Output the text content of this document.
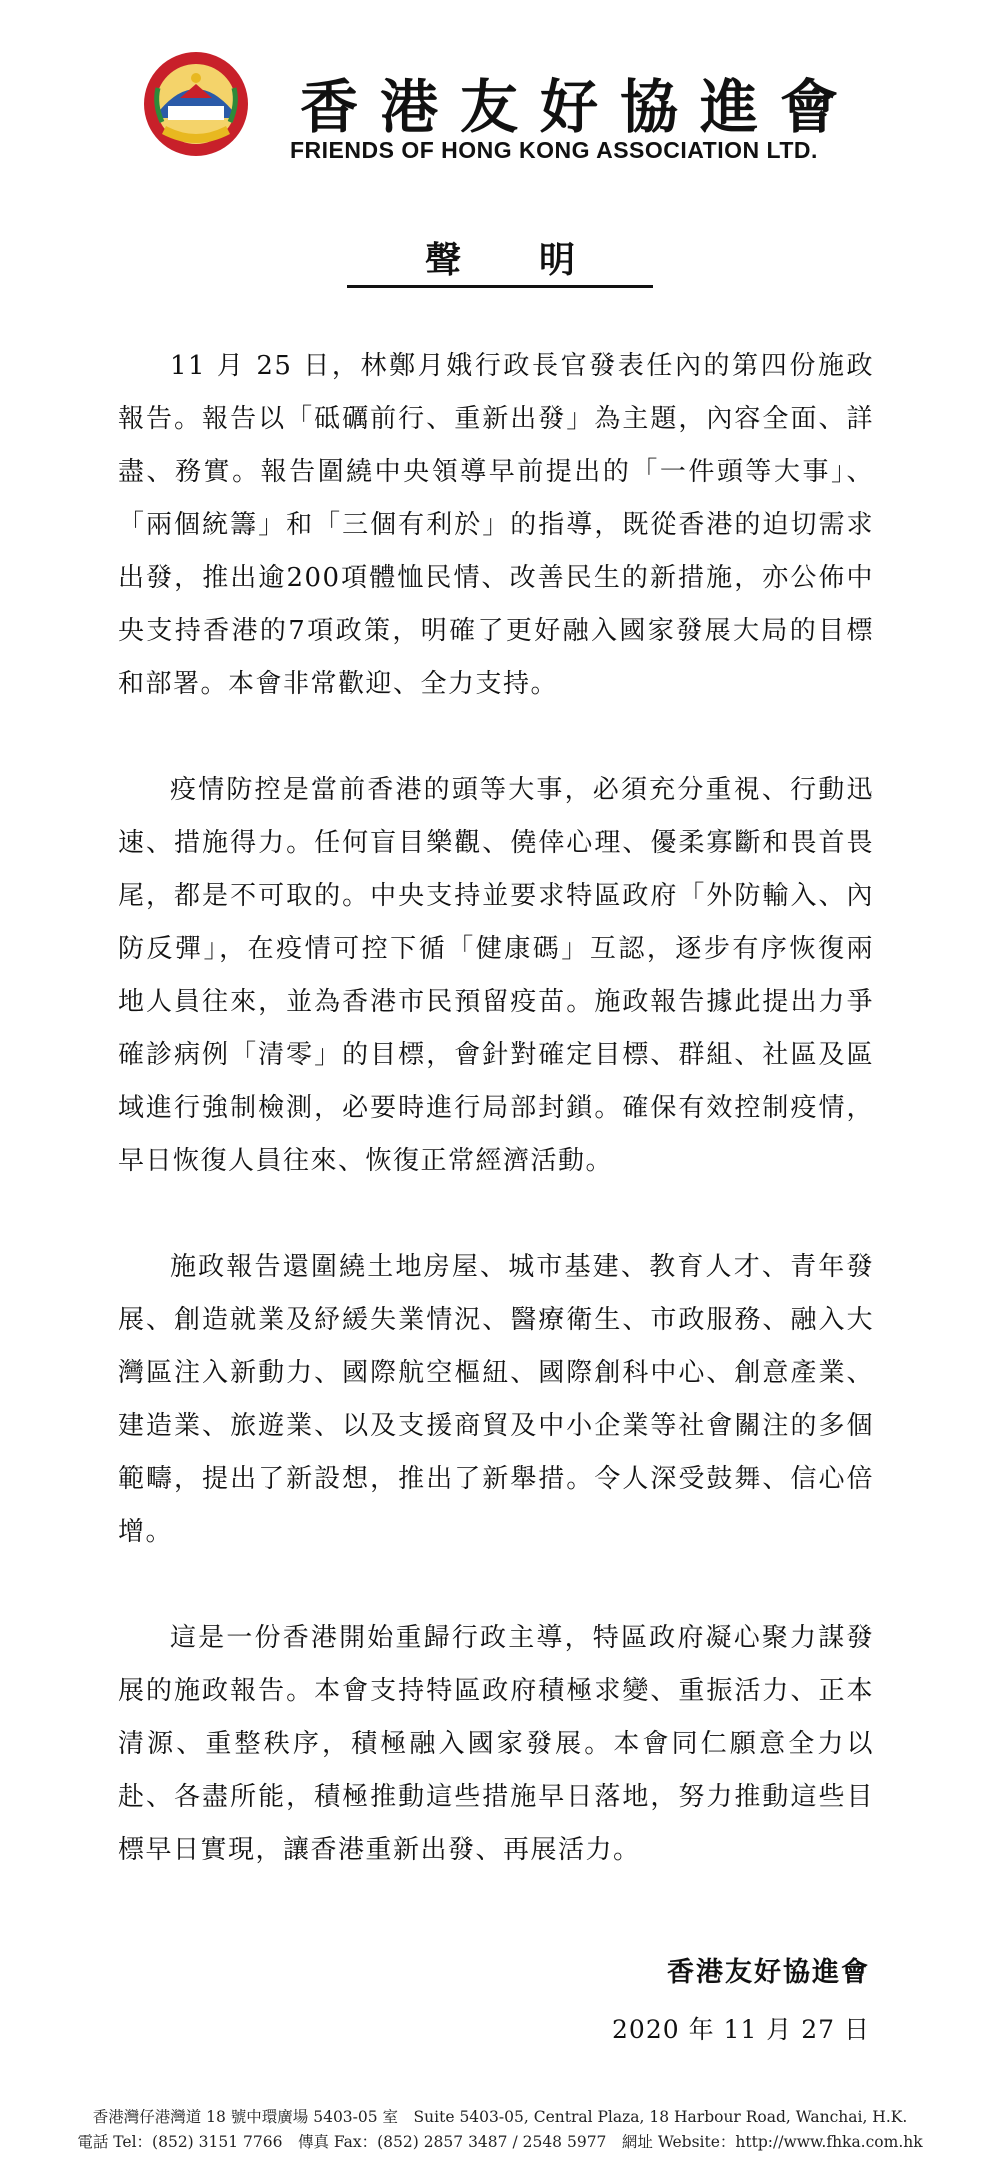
香港友好協進會
FRIENDS OF HONG KONG ASSOCIATION LTD.
聲明

11 月 25 日，林鄭月娥行政長官發表任內的第四份施政報告。報告以「砥礪前行、重新出發」為主題，內容全面、詳盡、務實。報告圍繞中央領導早前提出的「一件頭等大事」、「兩個統籌」和「三個有利於」的指導，既從香港的迫切需求出發，推出逾200項體恤民情、改善民生的新措施，亦公佈中央支持香港的7項政策，明確了更好融入國家發展大局的目標和部署。本會非常歡迎、全力支持。

疫情防控是當前香港的頭等大事，必須充分重視、行動迅速、措施得力。任何盲目樂觀、僥倖心理、優柔寡斷和畏首畏尾，都是不可取的。中央支持並要求特區政府「外防輸入、內防反彈」，在疫情可控下循「健康碼」互認，逐步有序恢復兩地人員往來，並為香港市民預留疫苗。施政報告據此提出力爭確診病例「清零」的目標，會針對確定目標、群組、社區及區域進行強制檢測，必要時進行局部封鎖。確保有效控制疫情，早日恢復人員往來、恢復正常經濟活動。

施政報告還圍繞土地房屋、城市基建、教育人才、青年發展、創造就業及紓緩失業情況、醫療衛生、市政服務、融入大灣區注入新動力、國際航空樞紐、國際創科中心、創意產業、建造業、旅遊業、以及支援商貿及中小企業等社會關注的多個範疇，提出了新設想，推出了新舉措。令人深受鼓舞、信心倍增。

這是一份香港開始重歸行政主導，特區政府凝心聚力謀發展的施政報告。本會支持特區政府積極求變、重振活力、正本清源、重整秩序，積極融入國家發展。本會同仁願意全力以赴、各盡所能，積極推動這些措施早日落地，努力推動這些目標早日實現，讓香港重新出發、再展活力。

香港友好協進會
2020 年 11 月 27 日
香港灣仔港灣道 18 號中環廣場 5403-05 室　Suite 5403-05, Central Plaza, 18 Harbour Road, Wanchai, H.K.
電話 Tel：(852) 3151 7766　傳真 Fax：(852) 2857 3487 / 2548 5977　網址 Website：http://www.fhka.com.hk
